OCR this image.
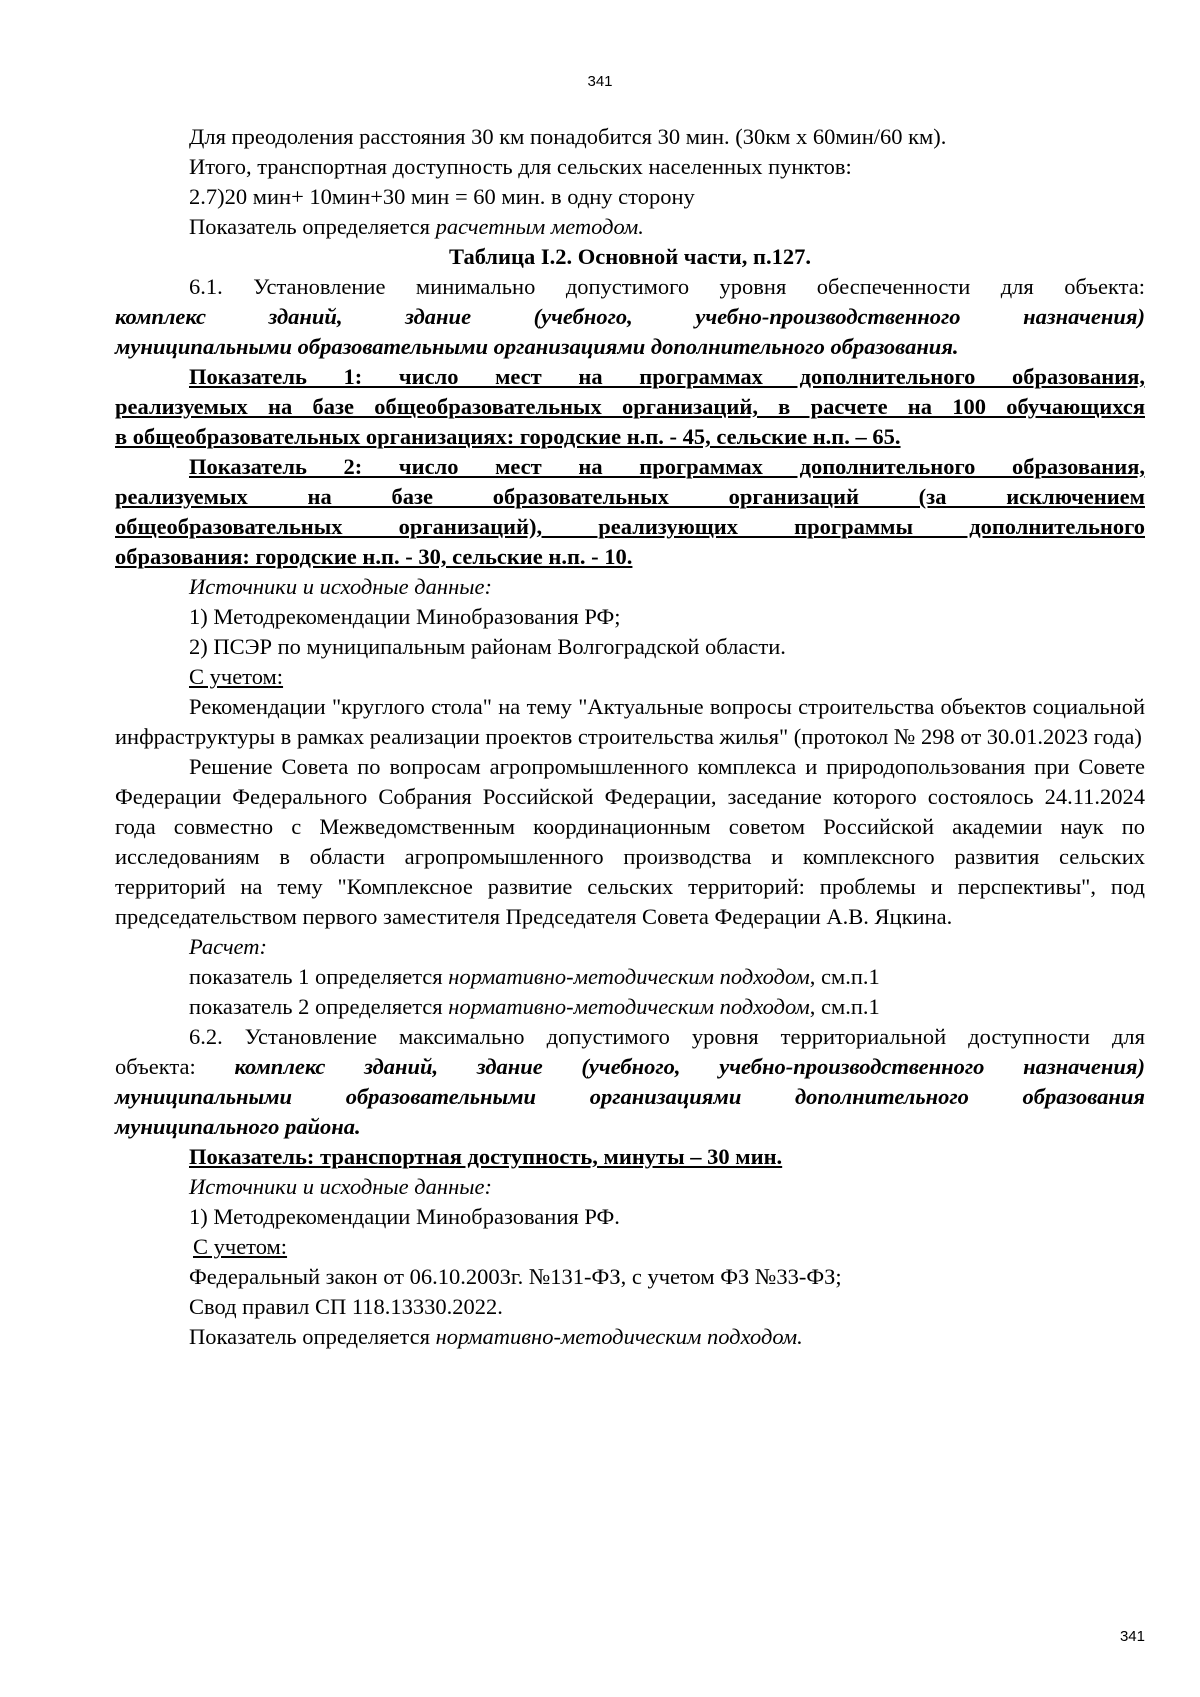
341

Для преодоления расстояния 30 км понадобится 30 мин. (30км х 60мин/60 км).

Итого, транспортная доступность для сельских населенных пунктов:

2.7)20 мин+ 10мин+30 мин = 60 мин. в одну сторону

Показатель определяется расчетным методом.

Таблица I.2. Основной части, п.127.

6.1. Установление минимально допустимого уровня обеспеченности для объекта:

комплекс зданий, здание (учебного, учебно-производственного назначения)

муниципальными образовательными организациями дополнительного образования.

Показатель 1: число мест на программах дополнительного образования,

реализуемых на базе общеобразовательных организаций, в расчете на 100 обучающихся

в общеобразовательных организациях: городские н.п. - 45, сельские н.п. – 65.

Показатель 2: число мест на программах дополнительного образования,

реализуемых на базе образовательных организаций (за исключением

общеобразовательных организаций), реализующих программы дополнительного

образования: городские н.п. - 30, сельские н.п. - 10.

Источники и исходные данные:

1) Методрекомендации Минобразования РФ;

2) ПСЭР по муниципальным районам Волгоградской области.

С учетом:

Рекомендации "круглого стола" на тему "Актуальные вопросы строительства объектов социальной инфраструктуры в рамках реализации проектов строительства жилья" (протокол № 298 от 30.01.2023 года)

Решение Совета по вопросам агропромышленного комплекса и природопользования при Совете Федерации Федерального Собрания Российской Федерации, заседание которого состоялось 24.11.2024 года совместно с Межведомственным координационным советом Российской академии наук по исследованиям в области агропромышленного производства и комплексного развития сельских территорий на тему "Комплексное развитие сельских территорий: проблемы и перспективы", под председательством первого заместителя Председателя Совета Федерации А.В. Яцкина.

Расчет:

показатель 1 определяется нормативно-методическим подходом, см.п.1

показатель 2 определяется нормативно-методическим подходом, см.п.1

6.2. Установление максимально допустимого уровня территориальной доступности для

объекта: комплекс зданий, здание (учебного, учебно-производственного назначения)

муниципальными образовательными организациями дополнительного образования

муниципального района.

Показатель: транспортная доступность, минуты – 30 мин.

Источники и исходные данные:

1) Методрекомендации Минобразования РФ.

С учетом:

Федеральный закон от 06.10.2003г. №131-ФЗ, с учетом ФЗ №33-ФЗ;

Свод правил СП 118.13330.2022.

Показатель определяется нормативно-методическим подходом.

341
